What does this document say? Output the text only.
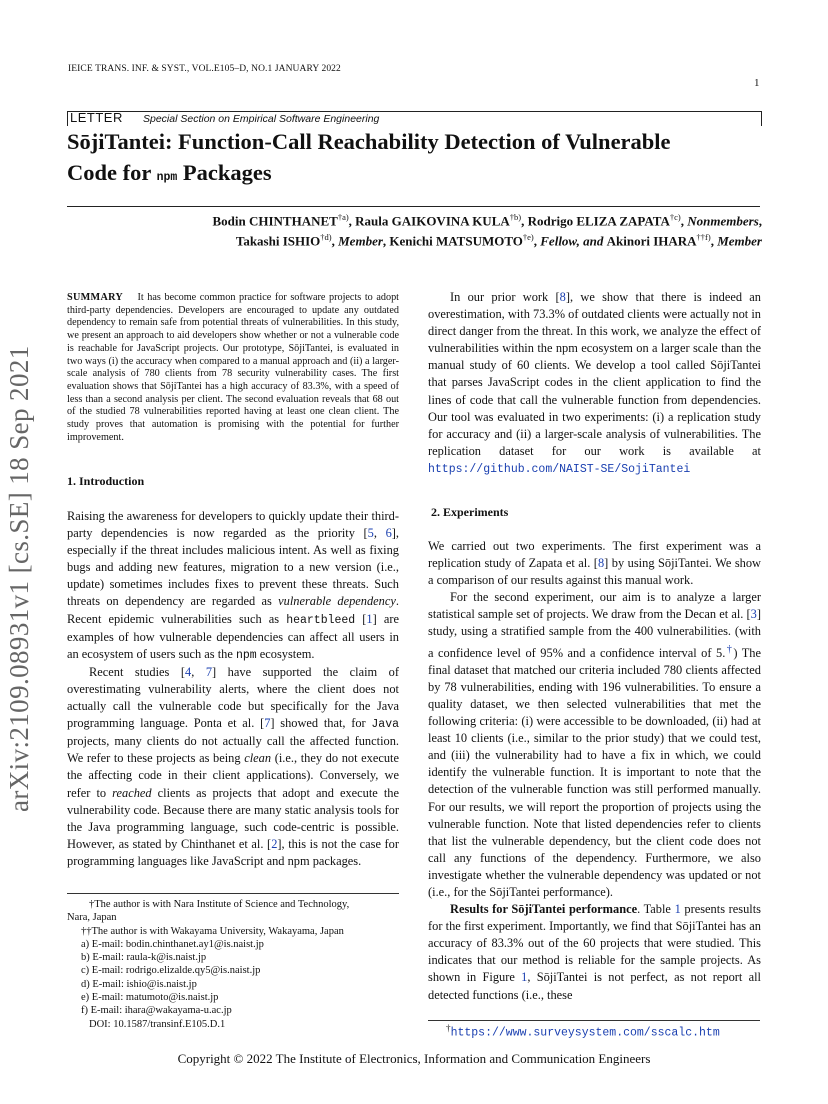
IEICE TRANS. INF. & SYST., VOL.E105–D, NO.1 JANUARY 2022
1
LETTER Special Section on Empirical Software Engineering
SōjiTantei: Function-Call Reachability Detection of Vulnerable
Code for npm Packages
Bodin CHINTHANET$^{\dagger a)}$, Raula GAIKOVINA KULA$^{\dagger b)}$, Rodrigo ELIZA ZAPATA$^{\dagger c)}$, Nonmembers,
Takashi ISHIO$^{\dagger d)}$, Member, Kenichi MATSUMOTO$^{\dagger e)}$, Fellow, and Akinori IHARA$^{\dagger\dagger f)}$, Member
arXiv:2109.08931v1 [cs.SE] 18 Sep 2021
SUMMARY It has become common practice for software projects to adopt third-party dependencies. Developers are encouraged to update any outdated dependency to remain safe from potential threats of vulnerabilities. In this study, we present an approach to aid developers show whether or not a vulnerable code is reachable for JavaScript projects. Our prototype, SōjiTantei, is evaluated in two ways (i) the accuracy when compared to a manual approach and (ii) a larger-scale analysis of 780 clients from 78 security vulnerability cases. The first evaluation shows that SōjiTantei has a high accuracy of 83.3%, with a speed of less than a second analysis per client. The second evaluation reveals that 68 out of the studied 78 vulnerabilities reported having at least one clean client. The study proves that automation is promising with the potential for further improvement.
1. Introduction

Raising the awareness for developers to quickly update their third-party dependencies is now regarded as the priority [5, 6], especially if the threat includes malicious intent. As well as fixing bugs and adding new features, migration to a new version (i.e., update) sometimes includes fixes to prevent these threats. Such threats on dependency are regarded as vulnerable dependency. Recent epidemic vulnerabilities such as heartbleed [1] are examples of how vulnerable dependencies can affect all users in an ecosystem of users such as the npm ecosystem.

Recent studies [4, 7] have supported the claim of overestimating vulnerability alerts, where the client does not actually call the vulnerable code but specifically for the Java programming language. Ponta et al. [7] showed that, for Java projects, many clients do not actually call the affected function. We refer to these projects as being clean (i.e., they do not execute the affecting code in their client applications). Conversely, we refer to reached clients as projects that adopt and execute the vulnerability code. Because there are many static analysis tools for the Java programming language, such code-centric is possible. However, as stated by Chinthanet et al. [2], this is not the case for programming languages like JavaScript and npm packages.

†The author is with Nara Institute of Science and Technology,
Nara, Japan
††The author is with Wakayama University, Wakayama, Japan
a) E-mail: bodin.chinthanet.ay1@is.naist.jp
b) E-mail: raula-k@is.naist.jp
c) E-mail: rodrigo.elizalde.qy5@is.naist.jp
d) E-mail: ishio@is.naist.jp
e) E-mail: matumoto@is.naist.jp
f) E-mail: ihara@wakayama-u.ac.jp
DOI: 10.1587/transinf.E105.D.1

In our prior work [8], we show that there is indeed an overestimation, with 73.3% of outdated clients were actually not in direct danger from the threat. In this work, we analyze the effect of vulnerabilities within the npm ecosystem on a larger scale than the manual study of 60 clients. We develop a tool called SōjiTantei that parses JavaScript codes in the client application to find the lines of code that call the vulnerable function from dependencies. Our tool was evaluated in two experiments: (i) a replication study for accuracy and (ii) a larger-scale analysis of vulnerabilities. The replication dataset for our work is available at https://github.com/NAIST-SE/SojiTantei

2. Experiments

We carried out two experiments. The first experiment was a replication study of Zapata et al. [8] by using SōjiTantei. We show a comparison of our results against this manual work.

For the second experiment, our aim is to analyze a larger statistical sample set of projects. We draw from the Decan et al. [3] study, using a stratified sample from the 400 vulnerabilities. (with a confidence level of 95% and a confidence interval of 5.†) The final dataset that matched our criteria included 780 clients affected by 78 vulnerabilities, ending with 196 vulnerabilities. To ensure a quality dataset, we then selected vulnerabilities that met the following criteria: (i) were accessible to be downloaded, (ii) had at least 10 clients (i.e., similar to the prior study) that we could test, and (iii) the vulnerability had to have a fix in which, we could identify the vulnerable function. It is important to note that the detection of the vulnerable function was still performed manually. For our results, we will report the proportion of projects using the vulnerable function. Note that listed dependencies refer to clients that list the vulnerable dependency, but the client code does not call any functions of the dependency. Furthermore, we also investigate whether the vulnerable dependency was updated or not (i.e., for the SōjiTantei performance).

Results for SōjiTantei performance. Table 1 presents results for the first experiment. Importantly, we find that SōjiTantei has an accuracy of 83.3% out of the 60 projects that were studied. This indicates that our method is reliable for the sample projects. As shown in Figure 1, SōjiTantei is not perfect, as not report all detected functions (i.e., these

†https://www.surveysystem.com/sscalc.htm
Copyright © 2022 The Institute of Electronics, Information and Communication Engineers
